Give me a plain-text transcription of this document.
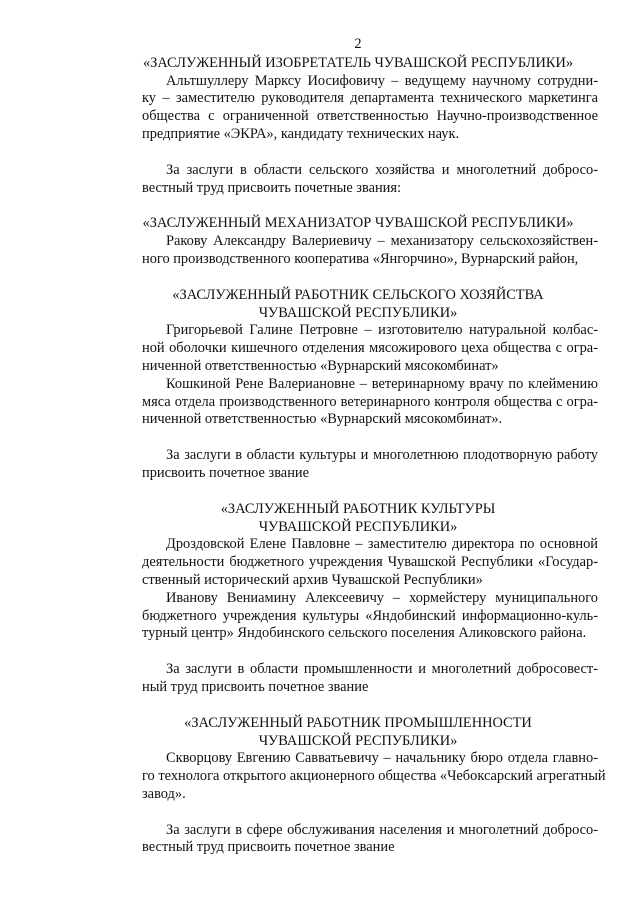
2
«ЗАСЛУЖЕННЫЙ ИЗОБРЕТАТЕЛЬ ЧУВАШСКОЙ РЕСПУБЛИКИ»
Альтшуллеру Марксу Иосифовичу – ведущему научному сотрудни-
ку – заместителю руководителя департамента технического маркетинга
общества с ограниченной ответственностью Научно-производственное
предприятие «ЭКРА», кандидату технических наук.
За заслуги в области сельского хозяйства и многолетний добросо-
вестный труд присвоить почетные звания:
«ЗАСЛУЖЕННЫЙ МЕХАНИЗАТОР ЧУВАШСКОЙ РЕСПУБЛИКИ»
Ракову Александру Валериевичу – механизатору сельскохозяйствен-
ного производственного кооператива «Янгорчино», Вурнарский район,
«ЗАСЛУЖЕННЫЙ РАБОТНИК СЕЛЬСКОГО ХОЗЯЙСТВА
ЧУВАШСКОЙ РЕСПУБЛИКИ»
Григорьевой Галине Петровне – изготовителю натуральной колбас-
ной оболочки кишечного отделения мясожирового цеха общества с огра-
ниченной ответственностью «Вурнарский мясокомбинат»
Кошкиной Рене Валериановне – ветеринарному врачу по клеймению
мяса отдела производственного ветеринарного контроля общества с огра-
ниченной ответственностью «Вурнарский мясокомбинат».
За заслуги в области культуры и многолетнюю плодотворную работу
присвоить почетное звание
«ЗАСЛУЖЕННЫЙ РАБОТНИК КУЛЬТУРЫ
ЧУВАШСКОЙ РЕСПУБЛИКИ»
Дроздовской Елене Павловне – заместителю директора по основной
деятельности бюджетного учреждения Чувашской Республики «Государ-
ственный исторический архив Чувашской Республики»
Иванову Вениамину Алексеевичу – хормейстеру муниципального
бюджетного учреждения культуры «Яндобинский информационно-куль-
турный центр» Яндобинского сельского поселения Аликовского района.
За заслуги в области промышленности и многолетний добросовест-
ный труд присвоить почетное звание
«ЗАСЛУЖЕННЫЙ РАБОТНИК ПРОМЫШЛЕННОСТИ
ЧУВАШСКОЙ РЕСПУБЛИКИ»
Скворцову Евгению Савватьевичу – начальнику бюро отдела главно-
го технолога открытого акционерного общества «Чебоксарский агрегатный
завод».
За заслуги в сфере обслуживания населения и многолетний добросо-
вестный труд присвоить почетное звание
